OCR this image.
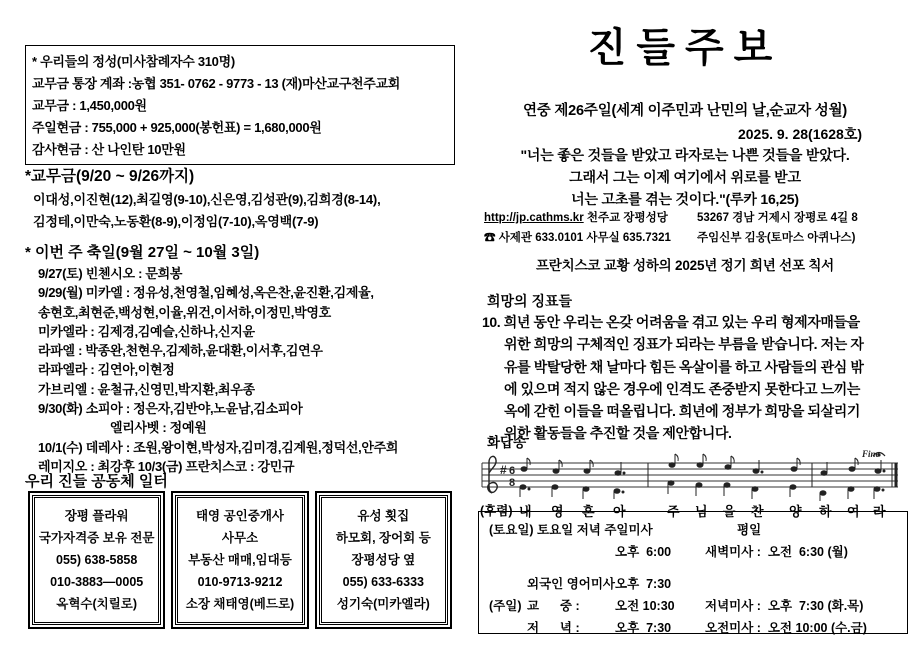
* 우리들의 정성(미사참례자수 310명)
교무금 통장 계좌 :농협 351- 0762 - 9773 - 13 (재)마산교구천주교회
교무금 : 1,450,000원
주일현금 : 755,000 + 925,000(봉헌표) = 1,680,000원
감사현금 : 산 나인탄 10만원
*교무금(9/20 ~ 9/26까지)
이대성,이진현(12),최길영(9-10),신은영,김성관(9),김희경(8-14),
김정테,이만숙,노동환(8-9),이정임(7-10),옥영백(7-9)
* 이번 주 축일(9월 27일 ~ 10월 3일)
9/27(토) 빈첸시오 : 문희봉
9/29(월) 미카엘 : 정유성,천영철,임혜성,옥은찬,윤진환,김제율,
송현호,최현준,백성현,이율,위건,이서하,이정민,박영호
미카엘라 : 김제경,김예슬,신하나,신지윤
라파엘 : 박종완,천현우,김제하,윤대환,이서후,김연우
라파엘라 : 김연아,이현정
가브리엘 : 윤철규,신영민,박지환,최우종
9/30(화) 소피아 : 정은자,김반야,노윤남,김소피아
엘리사벳 : 정예원
10/1(수) 데레사 : 조원,왕이현,박성자,김미경,김계원,정덕선,안주희
레미지오 : 최강후 10/3(금) 프란치스코 : 강민규
우리 진들 공동체 일터
장평 플라워
국가자격증 보유 전문
055) 638-5858
010-3883—0005
옥혁수(치릴로)
태영 공인중개사
사무소
부동산 매매,임대등
010-9713-9212
소장 채태영(베드로)
유성 횟집
하모회, 장어회 등
장평성당 옆
055) 633-6333
성기숙(미카엘라)
진들주보
연중 제26주일(세계 이주민과 난민의 날,순교자 성월)
2025. 9. 28(1628호)
"너는 좋은 것들을 받았고 라자로는 나쁜 것들을 받았다.
그래서 그는 이제 여기에서 위로를 받고
너는 고초를 겪는 것이다."(루카 16,25)
http://jp.cathms.kr 천주교 장평성당
☎ 사제관 633.0101 사무실 635.7321
53267 경남 거제시 장평로 4길 8
주임신부 김웅(토마스 아퀴나스)
프란치스코 교황 성하의 2025년 정기 희년 선포 칙서
희망의 징표들
10. 희년 동안 우리는 온갖 어려움을 겪고 있는 우리 형제자매들을
위한 희망의 구체적인 징표가 되라는 부름을 받습니다. 저는 자
유를 박탈당한 채 날마다 힘든 옥살이를 하고 사람들의 관심 밖
에 있으며 적지 않은 경우에 인격도 존중받지 못한다고 느끼는
옥에 갇힌 이들을 떠올립니다. 희년에 정부가 희망을 되살리기
위한 활동들을 추진할 것을 제안합니다.
화답송
# 6
8
Fine
(후렴) 내 영 혼 아	주 님 을 찬 양 하 여 라
(토요일) 토요일 저녁 주일미사	평일
오후  6:00	새벽미사 :  오전  6:30 (월)
외국인 영어미사 오후  7:30
(주일) 교      중 :	오전 10:30 저녁미사 :  오후  7:30 (화.목)
저      녁 :	오후  7:30	오전미사 :  오전 10:00 (수.금)
